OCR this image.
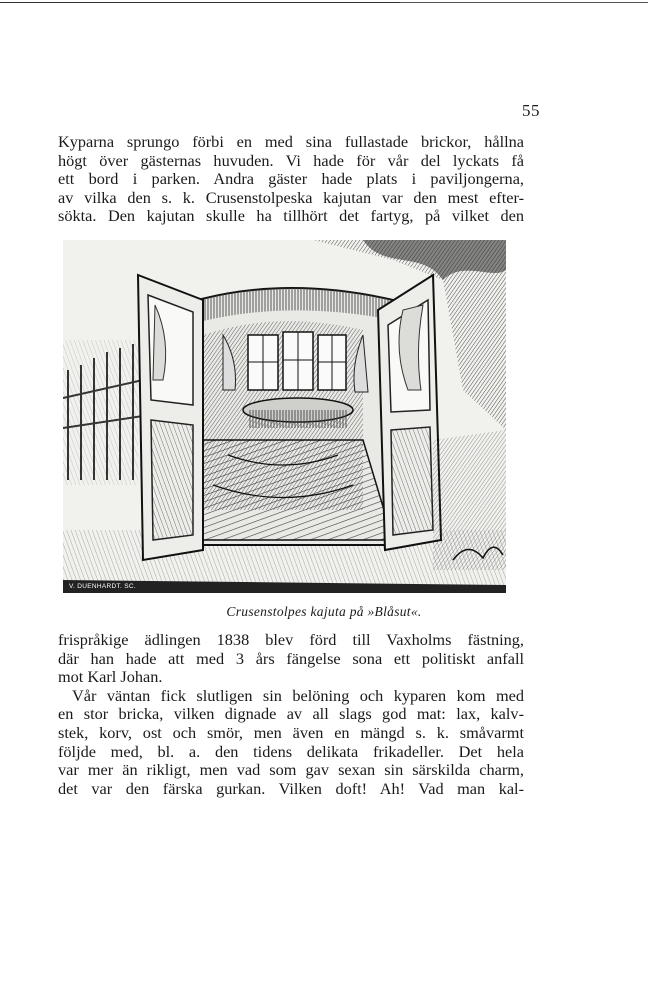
55
Kyparna sprungo förbi en med sina fullastade brickor, hållna
högt över gästernas huvuden. Vi hade för vår del lyckats få
ett bord i parken. Andra gäster hade plats i paviljongerna,
av vilka den s. k. Crusenstolpeska kajutan var den mest efter-
sökta. Den kajutan skulle ha tillhört det fartyg, på vilket den
V. DUENHARDT. SC.
Crusenstolpes kajuta på »Blåsut«.
frispråkige ädlingen 1838 blev förd till Vaxholms fästning,
där han hade att med 3 års fängelse sona ett politiskt anfall
mot Karl Johan.
Vår väntan fick slutligen sin belöning och kyparen kom med
en stor bricka, vilken dignade av all slags god mat: lax, kalv-
stek, korv, ost och smör, men även en mängd s. k. småvarmt
följde med, bl. a. den tidens delikata frikadeller. Det hela
var mer än rikligt, men vad som gav sexan sin särskilda charm,
det var den färska gurkan. Vilken doft! Ah! Vad man kal-
